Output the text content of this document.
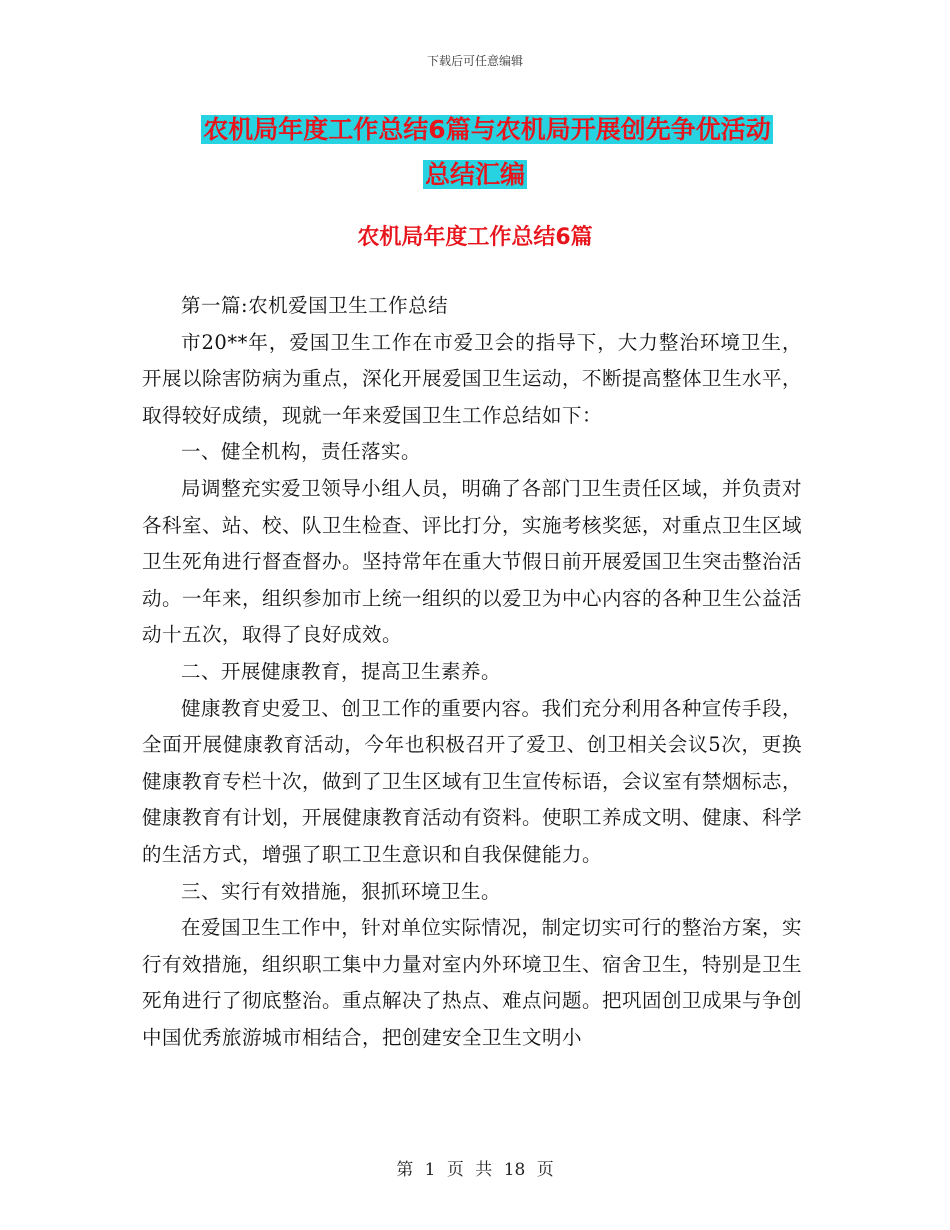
下载后可任意编辑
农机局年度工作总结6篇与农机局开展创先争优活动
总结汇编
农机局年度工作总结6篇

第一篇:农机爱国卫生工作总结

市20**年，爱国卫生工作在市爱卫会的指导下，大力整治环境卫生，开展以除害防病为重点，深化开展爱国卫生运动，不断提高整体卫生水平，取得较好成绩，现就一年来爱国卫生工作总结如下：

一、健全机构，责任落实。

局调整充实爱卫领导小组人员，明确了各部门卫生责任区域，并负责对各科室、站、校、队卫生检查、评比打分，实施考核奖惩，对重点卫生区域卫生死角进行督查督办。坚持常年在重大节假日前开展爱国卫生突击整治活动。一年来，组织参加市上统一组织的以爱卫为中心内容的各种卫生公益活动十五次，取得了良好成效。

二、开展健康教育，提高卫生素养。

健康教育史爱卫、创卫工作的重要内容。我们充分利用各种宣传手段，全面开展健康教育活动，今年也积极召开了爱卫、创卫相关会议5次，更换健康教育专栏十次，做到了卫生区域有卫生宣传标语，会议室有禁烟标志，健康教育有计划，开展健康教育活动有资料。使职工养成文明、健康、科学的生活方式，增强了职工卫生意识和自我保健能力。

三、实行有效措施，狠抓环境卫生。

在爱国卫生工作中，针对单位实际情况，制定切实可行的整治方案，实行有效措施，组织职工集中力量对室内外环境卫生、宿舍卫生，特别是卫生死角进行了彻底整治。重点解决了热点、难点问题。把巩固创卫成果与争创中国优秀旅游城市相结合，把创建安全卫生文明小

第 1 页 共 18 页
